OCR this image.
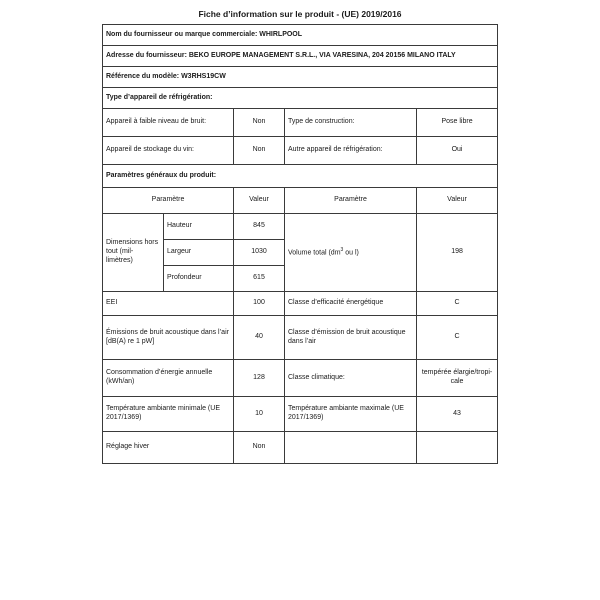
Fiche d’information sur le produit - (UE) 2019/2016
Nom du fournisseur ou marque commerciale: WHIRLPOOL				
Adresse du fournisseur: BEKO EUROPE MANAGEMENT S.R.L., VIA VARESINA, 204 20156 MILANO ITALY				
Référence du modèle: W3RHS19CW				
Type d’appareil de réfrigération:				
Appareil à faible niveau de bruit:		Non	Type de construction:	Pose libre
Appareil de stockage du vin:		Non	Autre appareil de réfrigération:	Oui
Paramètres généraux du produit:				
Paramètre		Valeur	Paramètre	Valeur
Dimensions hors tout (mil-limètres)	Hauteur	845	Volume total ($dm^3$ ou l)	198
	Largeur	1030		
	Profondeur	615		
EEI		100	Classe d’efficacité énergétique	C
Émissions de bruit acoustique dans l’air [dB(A) re 1 pW]		40	Classe d’émission de bruit acoustique dans l’air	C
Consommation d’énergie annuelle (kWh/an)		128	Classe climatique:	tempérée élargie/tropi-cale
Température ambiante minimale (UE 2017/1369)		10	Température ambiante maximale (UE 2017/1369)	43
Réglage hiver		Non		
